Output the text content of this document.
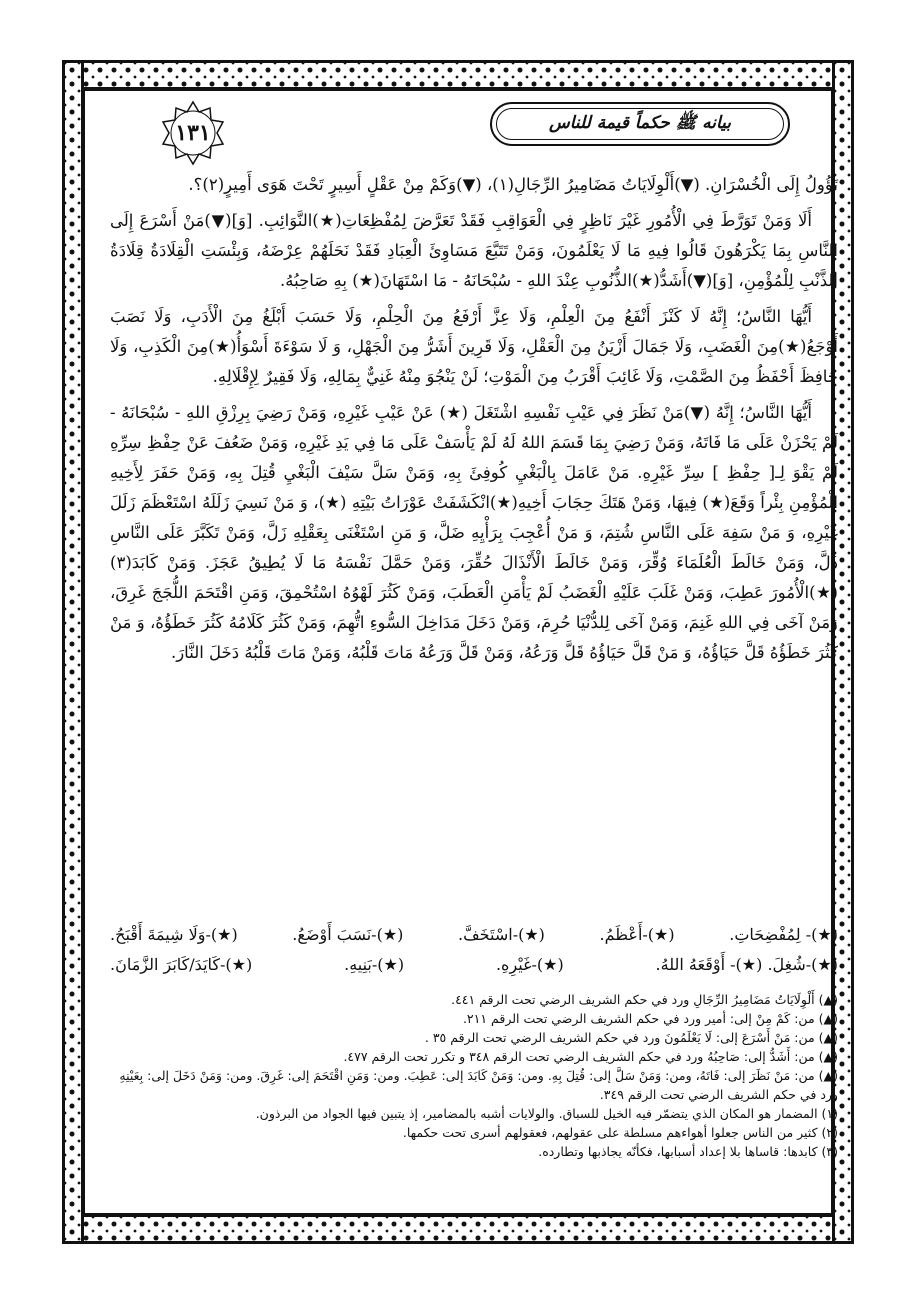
بيانه ﷺ حكماً قيمة للناس
١٣١

تَؤُولُ إِلَى الْخُسْرَانِ. (▼)أَلْوِلَايَاتُ مَضَامِيرُ الرِّجَالِ(١)، (▼)وَكَمْ مِنْ عَقْلٍ أَسِيرٍ تَحْتَ هَوَى أَمِيرٍ(٢)؟.

أَلَا وَمَنْ تَوَرَّطَ فِي الْأُمُورِ غَيْرَ نَاظِرٍ فِي الْعَوَاقِبِ فَقَدْ تَعَرَّضَ لِمُفْظِعَاتِ(★)النَّوَائِبِ. [وَ](▼)مَنْ أَسْرَعَ إِلَى النَّاسِ بِمَا يَكْرَهُونَ قَالُوا فِيهِ مَا لَا يَعْلَمُونَ، وَمَنْ تَتَبَّعَ مَسَاوِئَ الْعِبَادِ فَقَدْ نَحَلَهُمْ عِرْضَهُ، وَبِئْسَتِ الْقِلَادَةُ قِلَادَةُ الذَّنْبِ لِلْمُؤْمِنِ، [وَ](▼)أَشَدُّ(★)الذُّنُوبِ عِنْدَ اللهِ - سُبْحَانَهُ - مَا اسْتَهَانَ(★) بِهِ صَاحِبُهُ.

أَيُّهَا النَّاسُ؛ إِنَّهُ لَا كَنْزَ أَنْفَعُ مِنَ الْعِلْمِ، وَلَا عِزَّ أَرْفَعُ مِنَ الْحِلْمِ، وَلَا حَسَبَ أَبْلَغُ مِنَ الْأَدَبِ، وَلَا نَصَبَ أَوْجَعُ(★)مِنَ الْغَضَبِ، وَلَا جَمَالَ أَزْيَنُ مِنَ الْعَقْلِ، وَلَا قَرِينَ أَشَرُّ مِنَ الْجَهْلِ، وَ لَا سَوْءَةَ أَسْوَأُ(★)مِنَ الْكَذِبِ، وَلَا حَافِظَ أَحْفَظُ مِنَ الصَّمْتِ، وَلَا غَائِبَ أَقْرَبُ مِنَ الْمَوْتِ؛ لَنْ يَنْجُوَ مِنْهُ غَنِيٌّ بِمَالِهِ، وَلَا فَقِيرٌ لِإِقْلَالِهِ.

أَيُّهَا النَّاسُ؛ إِنَّهُ (▼)مَنْ نَظَرَ فِي عَيْبِ نَفْسِهِ اشْتَغَلَ (★) عَنْ عَيْبِ غَيْرِهِ، وَمَنْ رَضِيَ بِرِزْقِ اللهِ - سُبْحَانَهُ - لَمْ يَحْزَنْ عَلَى مَا فَاتَهُ، وَمَنْ رَضِيَ بِمَا قَسَمَ اللهُ لَهُ لَمْ يَأْسَفْ عَلَى مَا فِي يَدِ غَيْرِهِ، وَمَنْ ضَعُفَ عَنْ حِفْظِ سِرِّهِ لَمْ يَقْوَ لِـ[ حِفْظِ ] سِرِّ غَيْرِهِ. مَنْ عَامَلَ بِالْبَغْيِ كُوفِئَ بِهِ، وَمَنْ سَلَّ سَيْفَ الْبَغْيِ قُتِلَ بِهِ، وَمَنْ حَفَرَ لِأَخِيهِ الْمُؤْمِنِ بِئْراً وَقَعَ(★) فِيهَا، وَمَنْ هَتَكَ حِجَابَ أَخِيهِ(★)انْكَشَفَتْ عَوْرَاتُ بَيْتِهِ (★)، وَ مَنْ نَسِيَ زَلَلَهُ اسْتَعْظَمَ زَلَلَ غَيْرِهِ، وَ مَنْ سَفِهَ عَلَى النَّاسِ شُتِمَ، وَ مَنْ أُعْجِبَ بِرَأْيِهِ ضَلَّ، وَ مَنِ اسْتَغْنَى بِعَقْلِهِ زَلَّ، وَمَنْ تَكَبَّرَ عَلَى النَّاسِ ذَلَّ، وَمَنْ خَالَطَ الْعُلَمَاءَ وُقِّرَ، وَمَنْ خَالَطَ الْأَنْذَالَ حُقِّرَ، وَمَنْ حَمَّلَ نَفْسَهُ مَا لَا يُطِيقُ عَجَزَ. وَمَنْ كَابَدَ(٣)(★)الْأُمُورَ عَطِبَ، وَمَنْ غَلَبَ عَلَيْهِ الْغَضَبُ لَمْ يَأْمَنِ الْعَطَبَ، وَمَنْ كَثُرَ لَهْوُهُ اسْتُحْمِقَ، وَمَنِ اقْتَحَمَ اللُّجَجَ غَرِقَ، وَمَنْ آخَى فِي اللهِ غَنِمَ، وَمَنْ آخَى لِلدُّنْيَا حُرِمَ، وَمَنْ دَخَلَ مَدَاخِلَ السُّوءِ اتُّهِمَ، وَمَنْ كَثُرَ كَلَامُهُ كَثُرَ خَطَؤُهُ، وَ مَنْ كَثُرَ خَطَؤُهُ قَلَّ حَيَاؤُهُ، وَ مَنْ قَلَّ حَيَاؤُهُ قَلَّ وَرَعُهُ، وَمَنْ قَلَّ وَرَعُهُ مَاتَ قَلْبُهُ، وَمَنْ مَاتَ قَلْبُهُ دَخَلَ النَّارَ.

(★)- لِمُفْضِحَاتِ.
(★)-أَعْظَمُ.
(★)-اسْتَخَفَّ.
(★)-نَسَبَ أَوْضَعُ.
(★)-وَلَا شِيمَةَ أَقْبَحُ.
(★)-شُغِلَ. (★)- أَوْقَعَهُ اللهُ.
(★)-غَيْرِهِ.
(★)-بَنِيهِ.
(★)-كَايَدَ/كَابَرَ الزَّمَانَ.
(▲) أَلْوِلَايَاتُ مَضَامِيرُ الرِّجَالِ ورد في حكم الشريف الرضي تحت الرقم ٤٤١.
(▲) من: كَمْ مِنْ إلى: أمير ورد في حكم الشريف الرضي تحت الرقم ٢١١.
(▲) من: مَنْ أَسْرَعَ إلى: لَا يَعْلَمُونَ ورد في حكم الشريف الرضي تحت الرقم ٣٥ .
(▲) من: أَشَدُّ إلى: صَاحِبُهُ ورد في حكم الشريف الرضي تحت الرقم ٣٤٨ و تكرر تحت الرقم ٤٧٧.
(▲) من: مَنْ نَظَرَ إلى: فَاتَهُ، ومن: وَمَنْ سَلَّ إلى: قُتِلَ بِهِ. ومن: وَمَنْ كَابَدَ إلى: عَطِبَ. ومن: وَمَنِ اقْتَحَمَ إلى: غَرِقَ. ومن: وَمَنْ دَخَلَ إلى: بِعَيْنِهِ ورد في حكم الشريف الرضي تحت الرقم ٣٤٩.
(١) المضمار هو المكان الذي يتضمّر فيه الخيل للسباق. والولايات أشبه بالمضامير، إذ يتبين فيها الجواد من البرذون.
(٢) كثير من الناس جعلوا أهواءهم مسلطة على عقولهم، فعقولهم أسرى تحت حكمها.
(٣) كابدها: قاساها بلا إعداد أسبابها، فكأنّه يجاذبها وتطارده.
